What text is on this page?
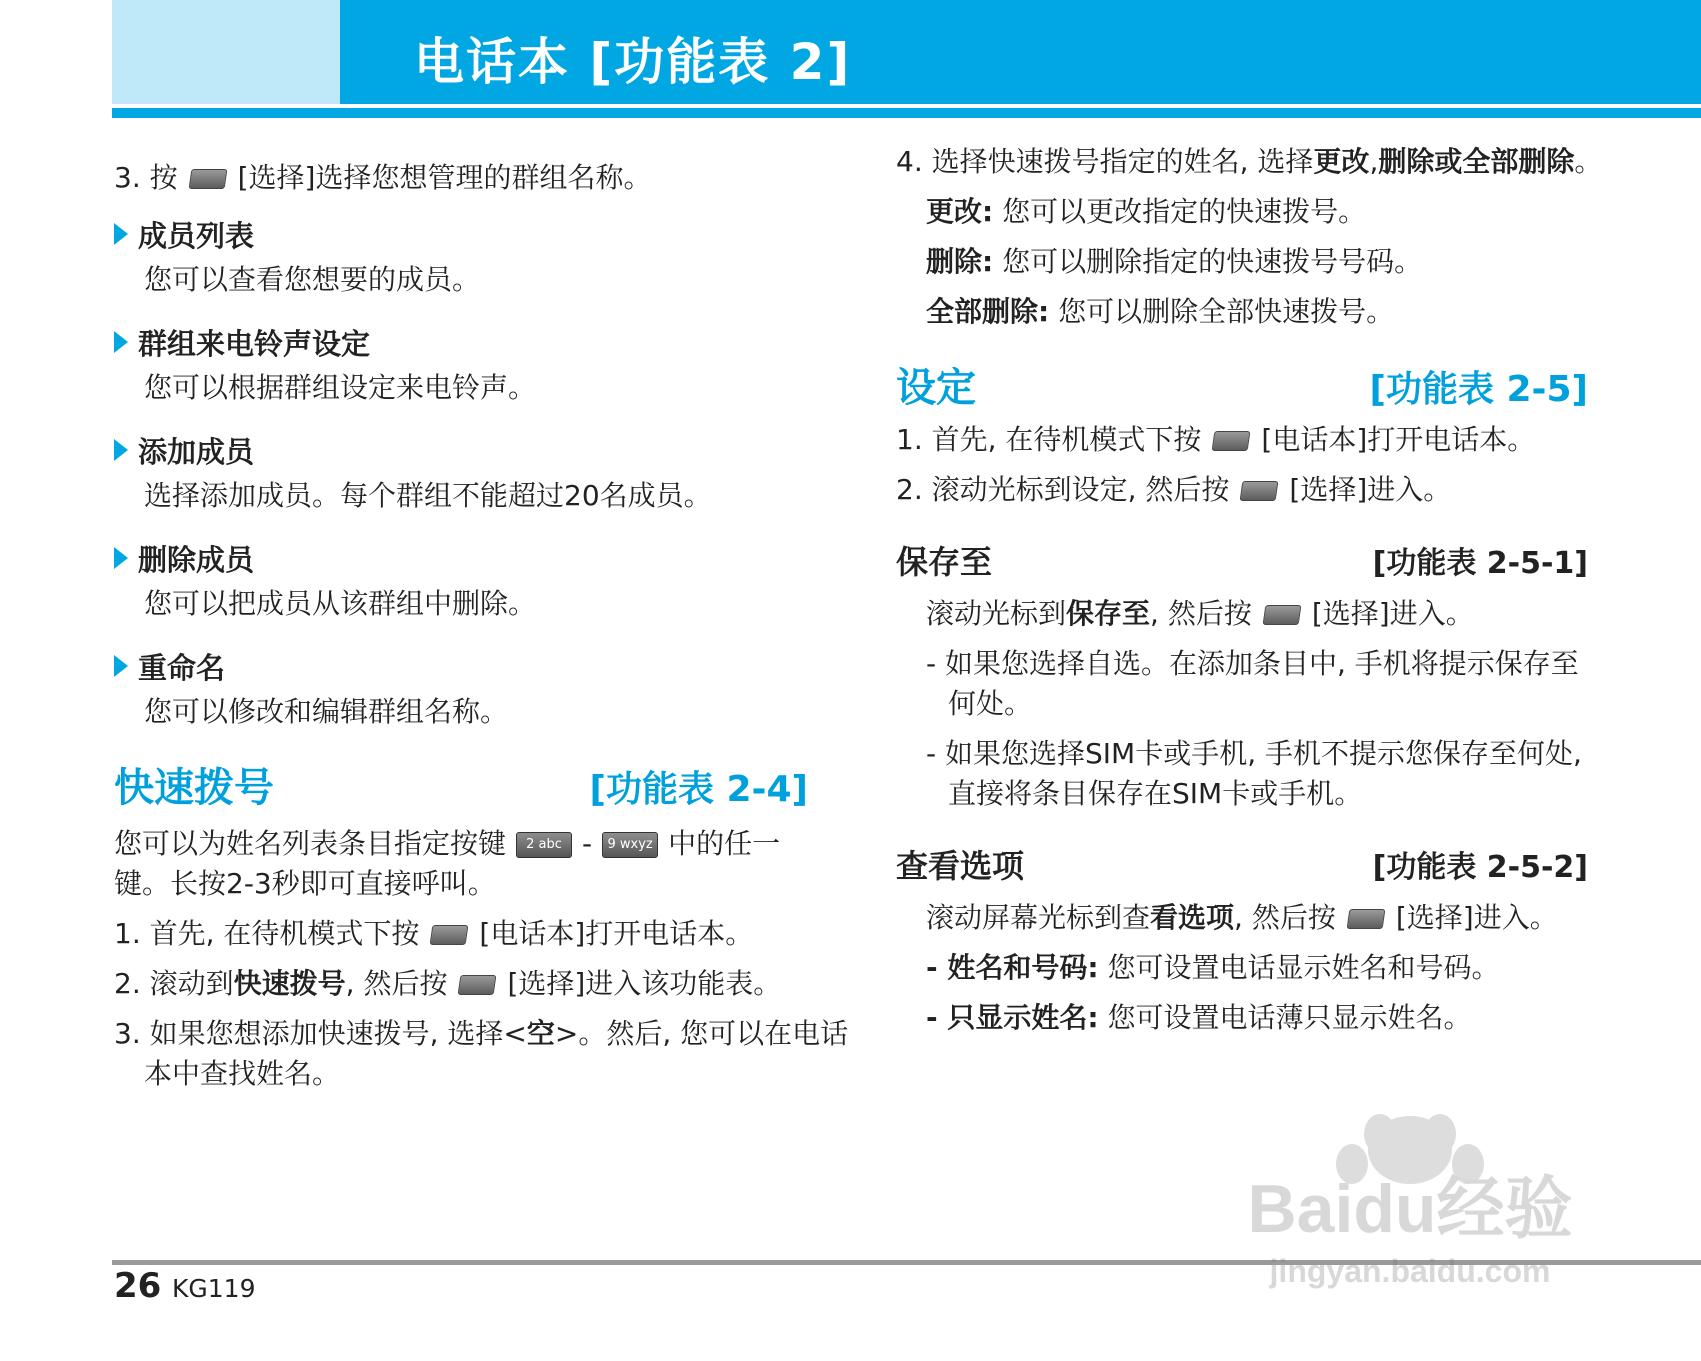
电话本 [功能表 2]

3. 按 [选择]选择您想管理的群组名称。

成员列表

您可以查看您想要的成员。

群组来电铃声设定

您可以根据群组设定来电铃声。

添加成员

选择添加成员。每个群组不能超过20名成员。

删除成员

您可以把成员从该群组中删除。

重命名

您可以修改和编辑群组名称。

快速拨号	[功能表 2-4]

您可以为姓名列表条目指定按键 2 abc - 9 wxyz 中的任一

键。长按2-3秒即可直接呼叫。

1. 首先, 在待机模式下按 [电话本]打开电话本。

2. 滚动到快速拨号, 然后按 [选择]进入该功能表。

3. 如果您想添加快速拨号, 选择<空>。然后, 您可以在电话

本中查找姓名。

4. 选择快速拨号指定的姓名, 选择更改,删除或全部删除。

更改: 您可以更改指定的快速拨号。

删除: 您可以删除指定的快速拨号号码。

全部删除: 您可以删除全部快速拨号。

设定	[功能表 2-5]

1. 首先, 在待机模式下按 [电话本]打开电话本。

2. 滚动光标到设定, 然后按 [选择]进入。

保存至	[功能表 2-5-1]

滚动光标到保存至, 然后按 [选择]进入。

- 如果您选择自选。在添加条目中, 手机将提示保存至

何处。

- 如果您选择SIM卡或手机, 手机不提示您保存至何处,

直接将条目保存在SIM卡或手机。

查看选项	[功能表 2-5-2]

滚动屏幕光标到查看选项, 然后按 [选择]进入。

- 姓名和号码: 您可设置电话显示姓名和号码。

- 只显示姓名: 您可设置电话薄只显示姓名。

26 KG119
Baidu经验
jingyan.baidu.com
